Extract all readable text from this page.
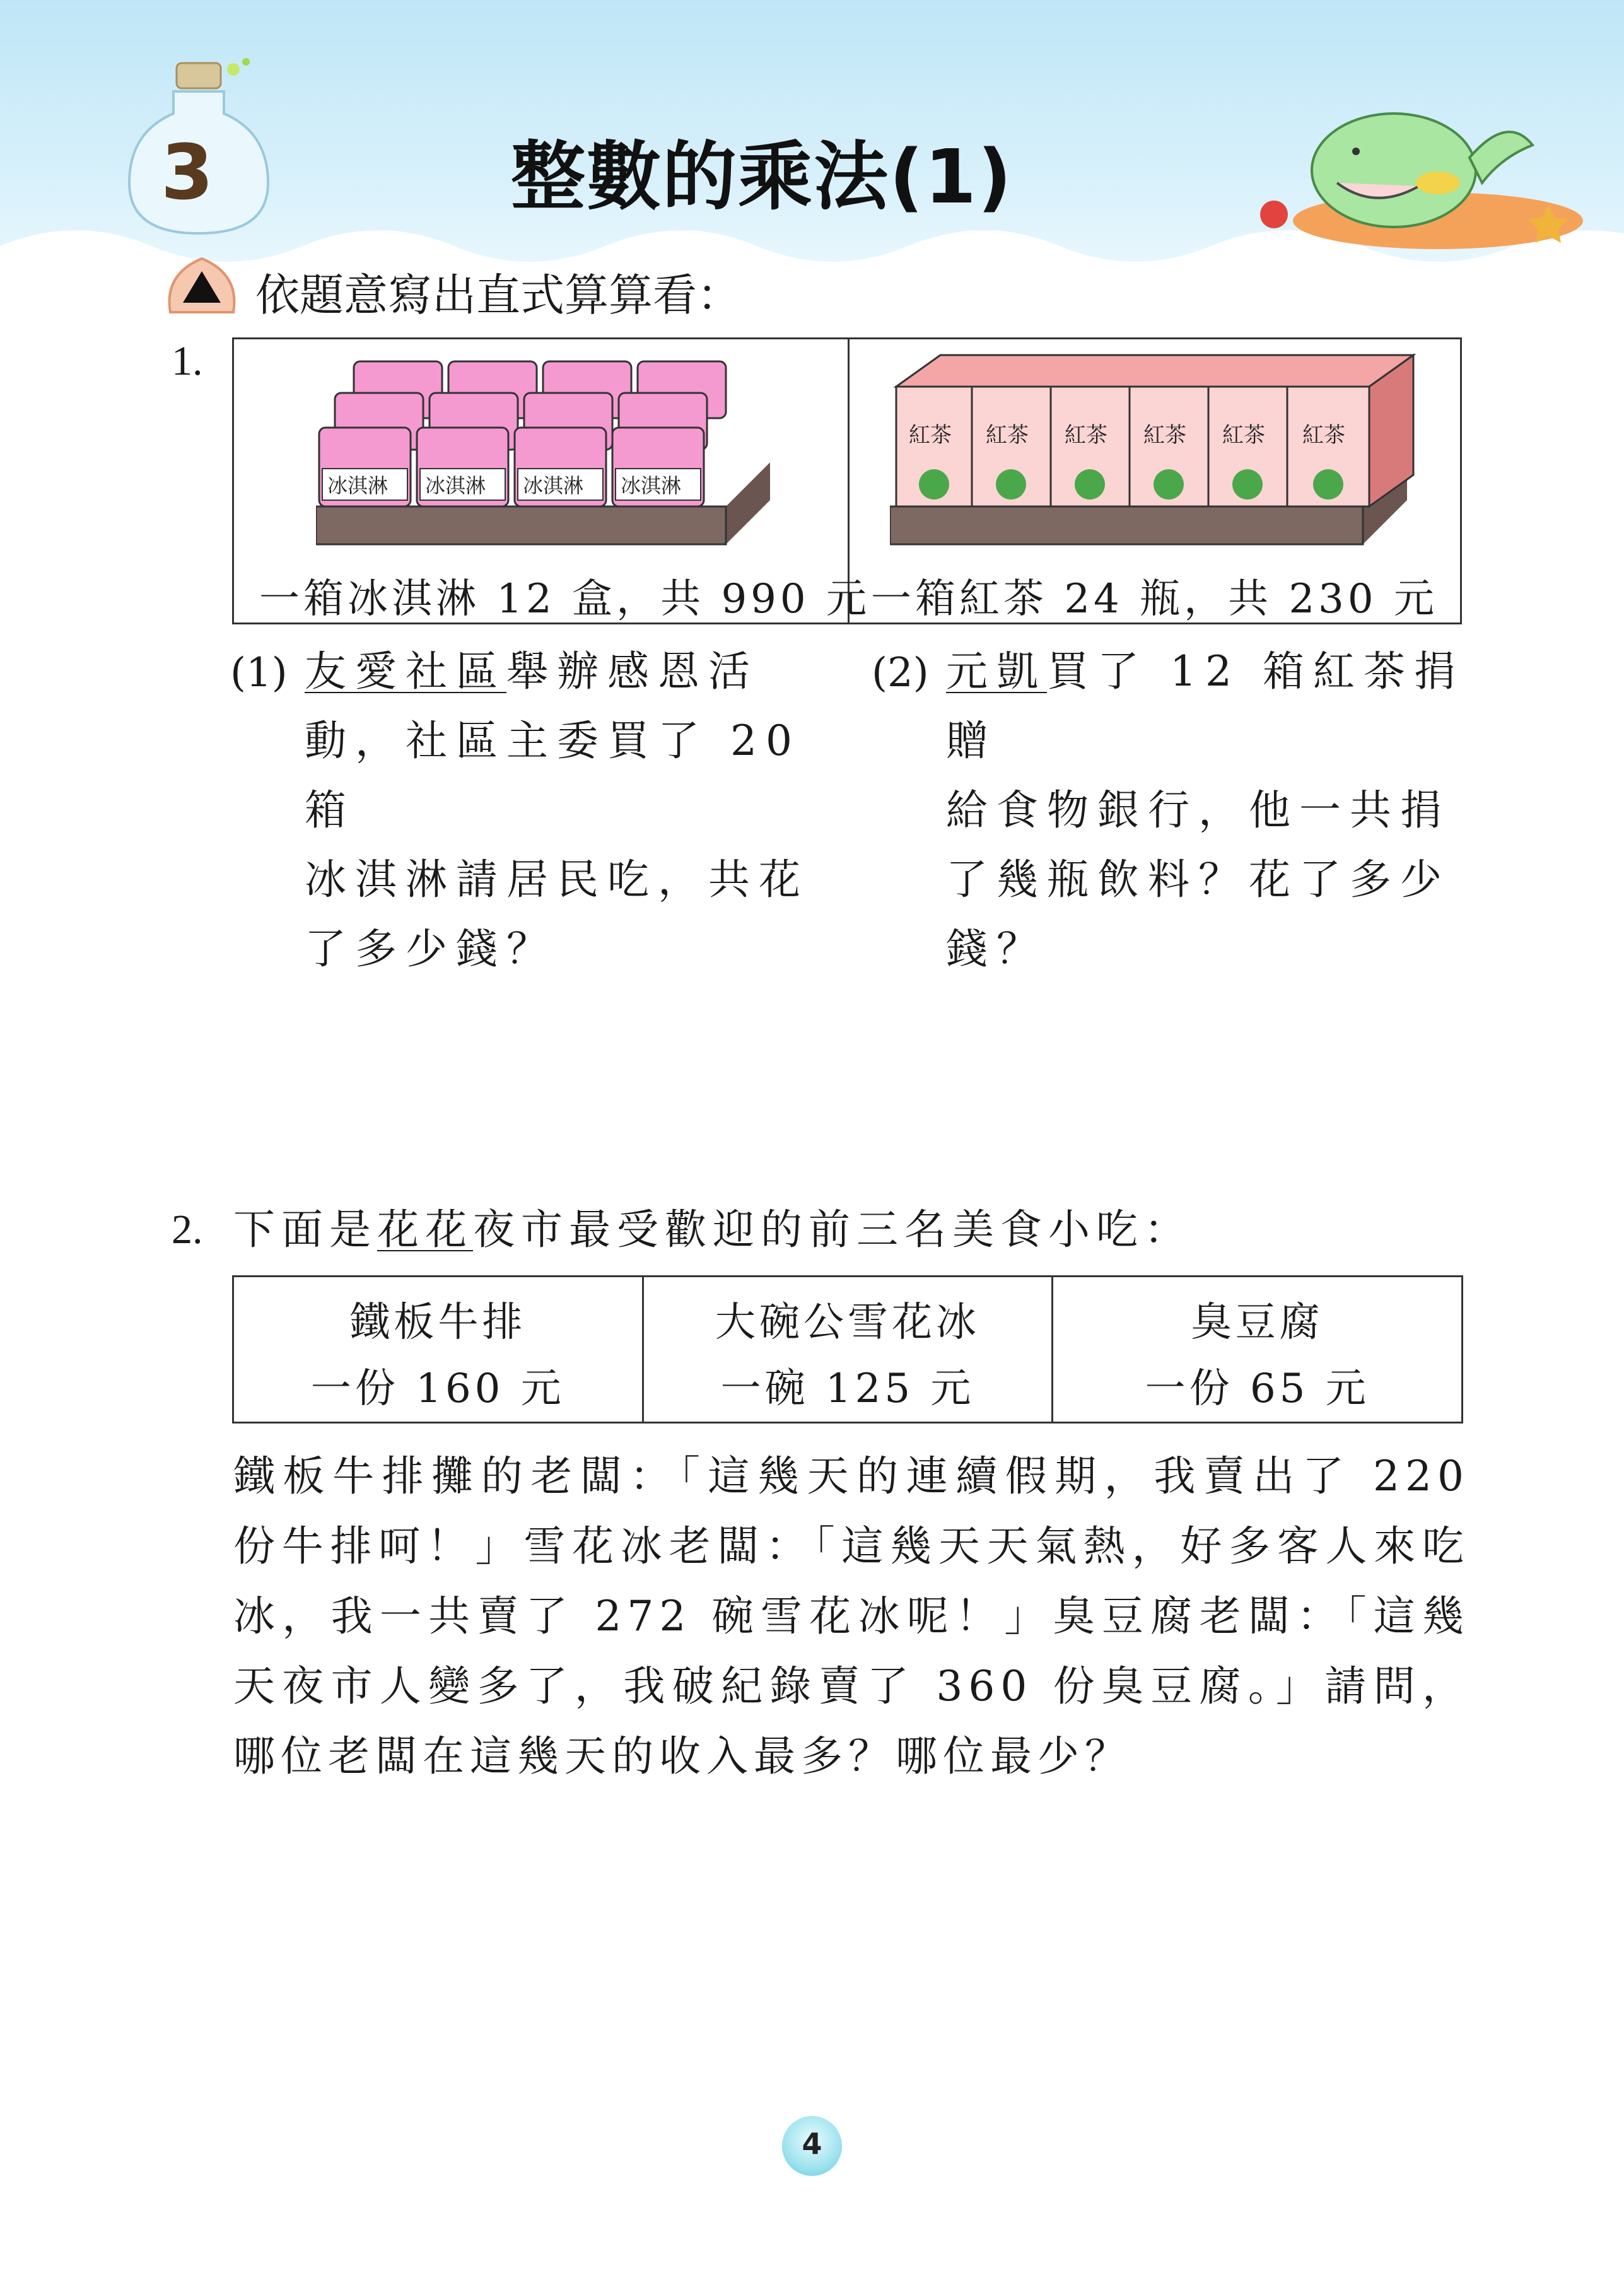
3	整數的乘法(1)
依題意寫出直式算算看：
1.
冰淇淋 冰淇淋 冰淇淋 冰淇淋
紅茶 紅茶 紅茶 紅茶 紅茶 紅茶
一箱冰淇淋 12 盒，共 990 元 一箱紅茶 24 瓶，共 230 元
(1) 友愛社區舉辦感恩活
動，社區主委買了 20 箱
冰淇淋請居民吃，共花
了多少錢？
(2) 元凱買了 12 箱紅茶捐贈
給食物銀行，他一共捐
了幾瓶飲料？花了多少
錢？
2. 下面是花花夜市最受歡迎的前三名美食小吃：
鐵板牛排
一份 160 元
大碗公雪花冰
一碗 125 元
臭豆腐
一份 65 元
鐵板牛排攤的老闆：「這幾天的連續假期，我賣出了 220 份牛排呵！」雪花冰老闆：「這幾天天氣熱，好多客人來吃冰，我一共賣了 272 碗雪花冰呢！」臭豆腐老闆：「這幾天夜市人變多了，我破紀錄賣了 360 份臭豆腐。」請問，哪位老闆在這幾天的收入最多？哪位最少？
4
